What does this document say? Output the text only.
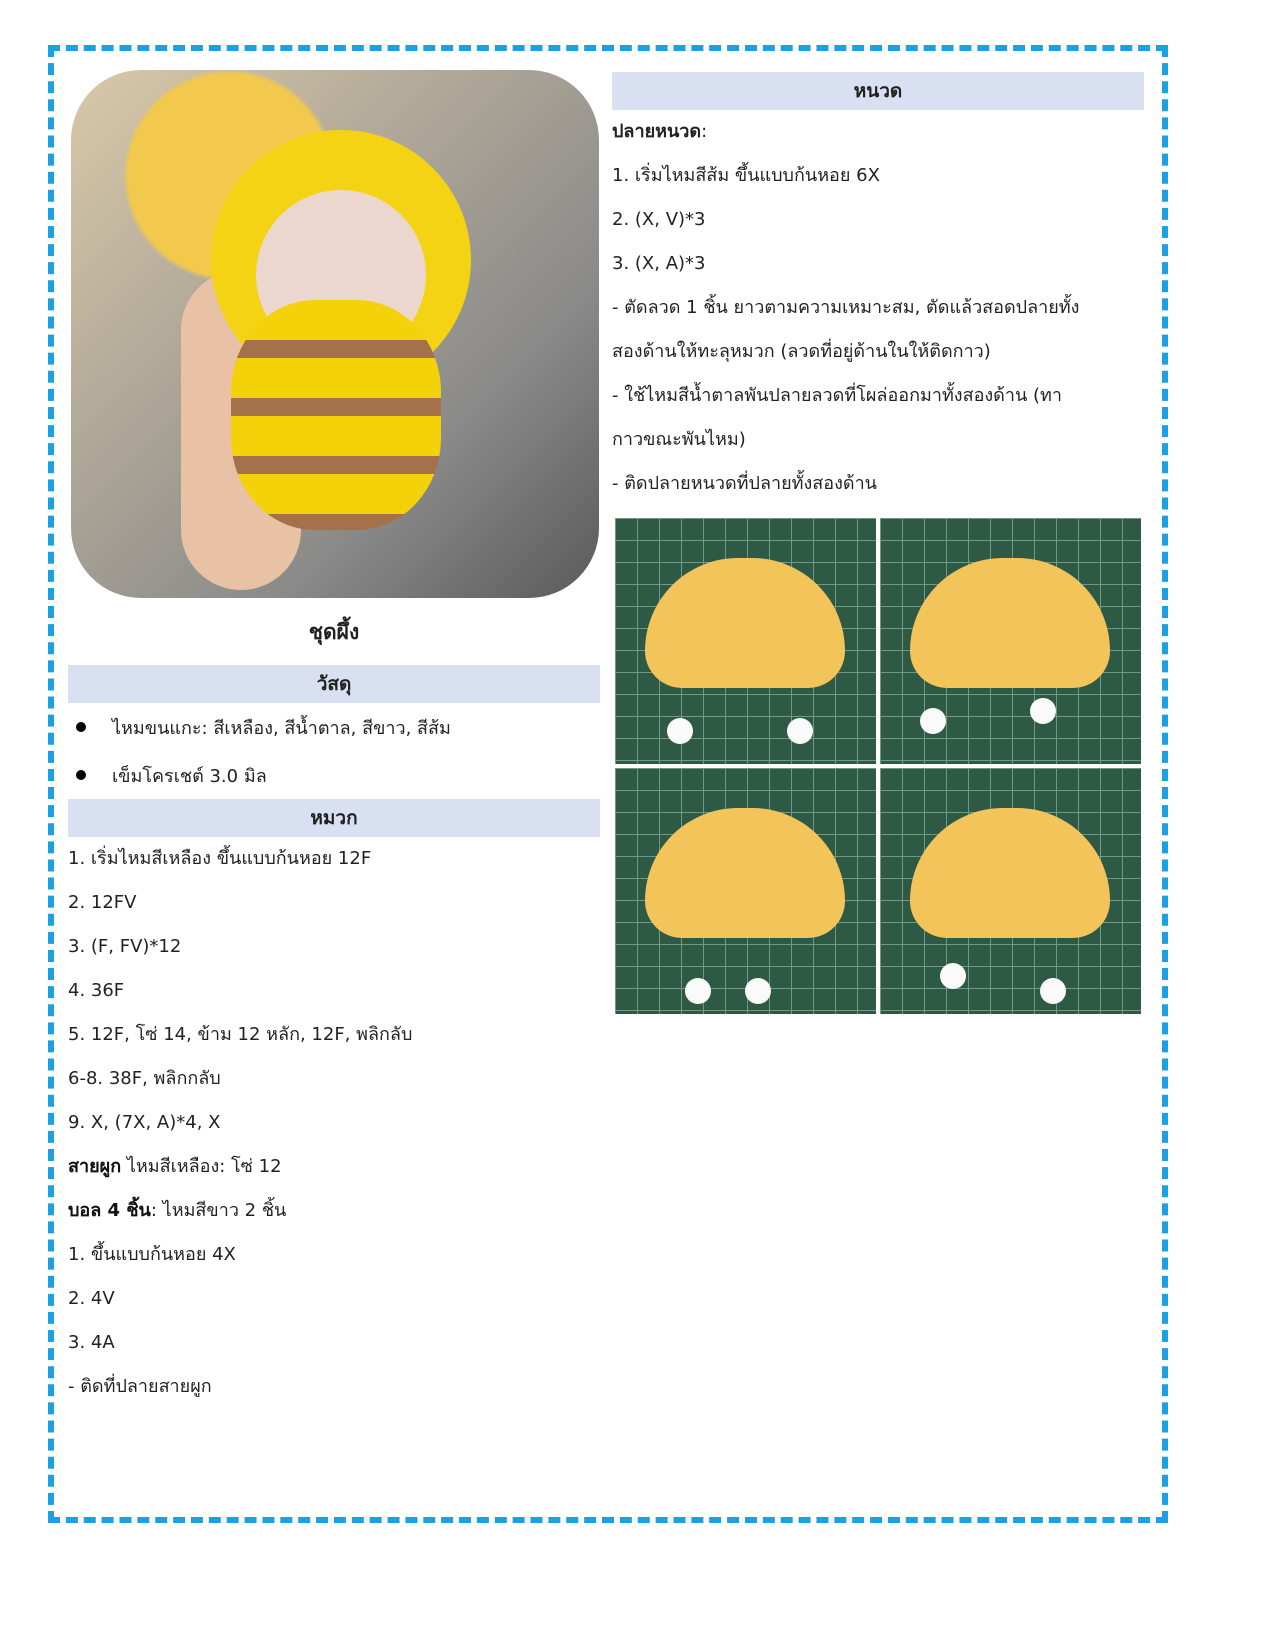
ชุดผึ้ง
วัสดุ
ไหมขนแกะ: สีเหลือง, สีน้ำตาล, สีขาว, สีส้ม
เข็มโครเชต์ 3.0 มิล
หมวก
1. เริ่มไหมสีเหลือง ขึ้นแบบก้นหอย 12F
2. 12FV
3. (F, FV)*12
4. 36F
5. 12F, โซ่ 14, ข้าม 12 หลัก, 12F, พลิกลับ
6-8. 38F, พลิกกลับ
9. X, (7X, A)*4, X
สายผูก ไหมสีเหลือง: โซ่ 12
บอล 4 ชิ้น: ไหมสีขาว 2 ชิ้น
1. ขึ้นแบบก้นหอย 4X
2. 4V
3. 4A
- ติดที่ปลายสายผูก
หนวด
ปลายหนวด:
1. เริ่มไหมสีส้ม ขึ้นแบบก้นหอย 6X
2. (X, V)*3
3. (X, A)*3
- ตัดลวด 1 ชิ้น ยาวตามความเหมาะสม, ตัดแล้วสอดปลายทั้ง
สองด้านให้ทะลุหมวก (ลวดที่อยู่ด้านในให้ติดกาว)
- ใช้ไหมสีน้ำตาลพันปลายลวดที่โผล่ออกมาทั้งสองด้าน (ทา
กาวขณะพันไหม)
- ติดปลายหนวดที่ปลายทั้งสองด้าน
